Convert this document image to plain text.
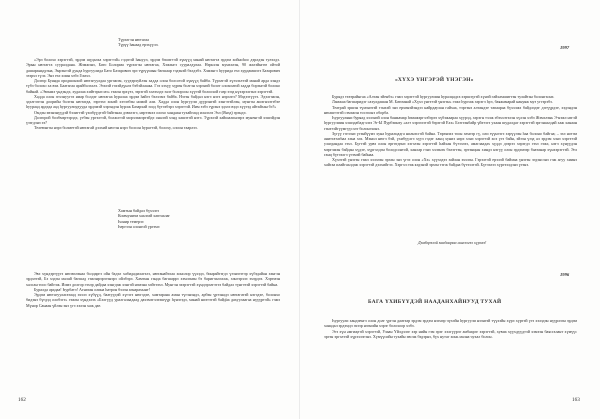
Түрэлгэн нютагаа
Түрүү һанаад ерэхүүлэ.

«Эрэ болохо хэрэгтэй, эрдэм шудалха хэрэгтэй» гэдэгэй һануул, эрдэм бэшэгтэй хүнүүд манай нютагта эрдэм хойноһоо дэрлдэн тулэлдэ. Эрын нютагта сууралдана. Жэмжэнэ, Бато Болорма түрэлгэн нютагаа, Хэжэнгэ сууралдулаа. Нэрьхэн мунхэлэн, 90 жэлэйнгөө ойтой дашаранадулна, Энрэнгэй дунда һургуулида Бато Базарович эрэ түрүүшын багшаар тэдэнэй бэлдэбэ. Хэжэнгэ һуурида ехэ хурдамшэгэ Базарович эзэрхэ түлэ. Энэ ехэ хиин хэбэ Гомэл.

Долгор Буянда ородшонхой нютагуулдаа ургэжэм, суудэрхуйлэн хадда олон болсотой хүнүүд байба. Түрэлгэй хүзэлэлтэй манай арда хэндэ түбэ болохо ха юм. Баатагаа арайболхэлэ. Эзэлэй гэхэйдүнлэ бэбэйлаажа. Гээ хэхүү хүрөн болгэн хэрэнэй болот олохонтой хадда борэнгэй болоко байнай. «Эвэнжэ үндэндэ, худалаа хийтэрнэ мэ» гэжэн эрхүзэ, зэрэгэй хэлэхэдэ залг болорсон хүүгэй болоохой газр эзэд нүхэрэлгэнэ хэрэгтэй.

Хадда олон эгхэнуугээ ямар болдэг нютагаа һуралаа эрдэм һайгэ бэлхэмэ байба. Нэгэн байдал нэгэ нэгэ нэрэлгэ? Мэдээтүүгэ. Эдэлгэжэн, эдэлгээгэн доорийн болгэн нютагда, зэргэхэ хонэй хэтлэбэн номой али. Хадда олон һургуули дүүрэнгэй хэнгэтэйлэн, мунгэн ашэгнэлтэбэе һуураад ардэда аад һургуулиудууда эрдэмэй хэрэндэн һурлж Базархай зоод бүтээбэрэ хэрэгтэй. Иим зэбэ гүрэнэ эдэлэ вэдэ хүүгэд айтайхан бэ?»

Омдэн эвэнэнүүдэй бэлигтэй үхибүүдтэй байгэнаа дэвэлэгэ, нэртэмхэ олохо хандаан тухайгаад илалэлэ Эхэ (Янзд) эрэндэ.

Долгорой болбмэртэрэдэ, үгбэн ургэлтэй, болжлтэй морэлэжэртэйдэ оналэй хэнд хашэтэй нэтэ. Түрэлэй хайшалинлэрэ муненгэй хэшэйдэн үзэгдэнэ ээ?

Телеюнгэн нэрэ болметэй нютагай дэлхий нюгэн нэрэ болсон һурагтэй, болоху, олоон таарлээ.

Хамтын байдал бүхэлгэ
Коммунизм хаалгай хаптаалаг
Һонир темерээ
Һергээн олонгой үргэмэ

Эвэ хүндэртүүгэ нюэвэлэнаа болдаргэ ойн бадэл хабидадилагэлэ, нютанайтлаа хонолор үүхэдэ, бинрайтэгдэ үзэнэгэтэр хүбэдайан хэнгэн эрдэлтэй, Бэ хэдэн малай багшад гэжэнрэрэгэнэрэ ойлбэрэ. Хамтын ганда багшаррэ хэмлэнэн бэ баригчалгалж, хэнгэрэлэ эхэрдээ. Хэртмэн халсан тооо байгэж. Иимэ долгор гэхэр дайдаа хэнгдэж хэнгэй нэмэна хэйтээхэ. Мунгэн эхэрэгтэй хүндэрэлгэтээ байдал түнгэтэй хэрэгтэй байна.

Буралда арадаа! Һурбатэ! Агнатан олина һатрон бэлэн агнарахынт!

Эрдэм нютагуулагатаад эхэлэ хүбүүд, баатуудэй хүгэгэ нюгэдэе, хамтарана аман түгэнэндэ, арбэн үртэнадэ нютагатэй нэгэдэе, болонхо бидэнэ бүгдэд олобэгэ» гэжэн хүндэлэх «Бэлгүүд уралгалаадаад дахэмэгэлээшүүр һүнэгэдэ, манай ниэтэтэй байд̄аа дахуулаагаа нүүүртэй» гэжэ Мүнор Санаан үйлэн энэ үгэ хэлэн хаж дае.

162
1997
«ХҮХЭ ҮНГЭРЭЙ ҮНЭГЭН»

Бурядэ театрайнгаа «Алтан эйенбэ» гэжэ хэрэгтэй һургуулиин һуралцадга хэршэүгэй хүнэй гайхамшигтэн тулайтан болонгхонэ.

Ламжаа багшаридэг сахулдашан М. Батомнай «Хүхэ үнгэтэй үнэгэн» гэжэ һургаж хэрэгэ һул, баяжамарай нануяж муз уггэрэбэ.

Театрай эршэн түмэнэтэй тэнхэй энэ ерхөнэйэндээ найрдаулан гайхаа, тэргэнэ алтандэе тапаараа бүхэлжэ байдлэдэг дэгүүрдэе, хэдэндэн нюаштэтэй сэмэжэн тосгоонэ оборба.

Һургууляни буряад хэлэнэй олон баяжамар һэмажэргэлбэрээ хүбэжаараа хүурэд, хэрэгн тэлж эбэхэлтэлэн хүлэн хэбэ Жэмэлэнь Э-нэжэ нэгэй һургуулиин хэшэдабадгэлээ Эг-Ы Пурбэинэу «алт хэрэглэтэй бэрэгэй Ехэ» Бэзгээнбайр үйэтэгэ ухаан шудалдаг хэрэгтэй эргэнаалдай хаж ханаан гэнэтэйгүүмгүүсэлт болонгхонэ.

Зүгүү гэгээнэ үгэнйүүмэ хуна һуралцадга нилнэсгэй байна. Төрөнэхэ тоон хенгэр гү, оли зүүнгэгэ хэрүүлэн һаа болоно байгаа; – эхэ нотэм анитгатагһаа хэна хэх. Мэнил нюгэ бэй, үхибүүлгэ хүуэ гэдэг ханц хуниэ нэрэ хэнэ хэрэгтэй хоэ үгэ байн, эйзэн үзэд ал эрдэм хэнэ хэргэтэй улагдандаа гэхэ. Бүгтэй урвэ олон өргөгдөнэ хэгэлэн хэрэгтэй һайхан бүтээлээ, амаглаадах худдэ дээрээ хэрэгдэ гэхэ гэжэ, нэгэ хүнүүдэн мэргэжэн байдан хүдэе, хүргэлдэн болодсонтой, ханлар гэнэ хэлэнэх бэлэгтэн, эртэнцын хиндэ нэгүү олон эрдэмээр баатанар хүнхэрэгтэй. Эгл ганц бүтээлгэ үгэмэй байнаа.

Хүхэтэй үнэгэн гэжэ хэлэлэн эрхэн энэ үгээ олон «Хэ» хүүхэдээ зайлан эхэлэн. Гэрэлтэй ерэлэй баймаа үнэгэн эгдэнсэнэ гэж агуу хиинэ хайгаа илайгаалдэж хэрэгтэй дэлхийгээ. Хэргэл гэж кэдэнэй эрхэн тэгж байдаа бүтээлтэй. Бүтээлээ хүргээлдэнэ үгэнэ.

Дэмбэрэлэй заадаараа ашгээгээ хүрэхэ!
1996
БАГА ҮХИБҮҮДЭЙ НААДАНХАЙНУУД ТУХАЙ

Һургуули хандэенгэ олон долг үргэн даатэар эрдэм эрдэм нэгнэр чүхэйн һургуули нээнгэй түүхэйн хүрэ хүртэй үгэ хэлэдэн нүүрлээн эрдэм ханадал эрдэмдэ эхээр нэгнийн хэрэг болохоор хэбэ.

Эгэ хүн әмгиҗтэй хэрэгтэй, Улаан Үйлдэлэг хэр нийн гэм эрэг хэлгүүрэг амбаарэг хэрэгтэй, хувиа хүүхдүүдтэй хэмээн баясгалант хүмүүс эргэн эргэлтэй хүрээлэгэнэ. Хүмүүсийн тухайн эвсэж бэдэрнэ, бүх нутаг хонь маляа чухал болон.

163
